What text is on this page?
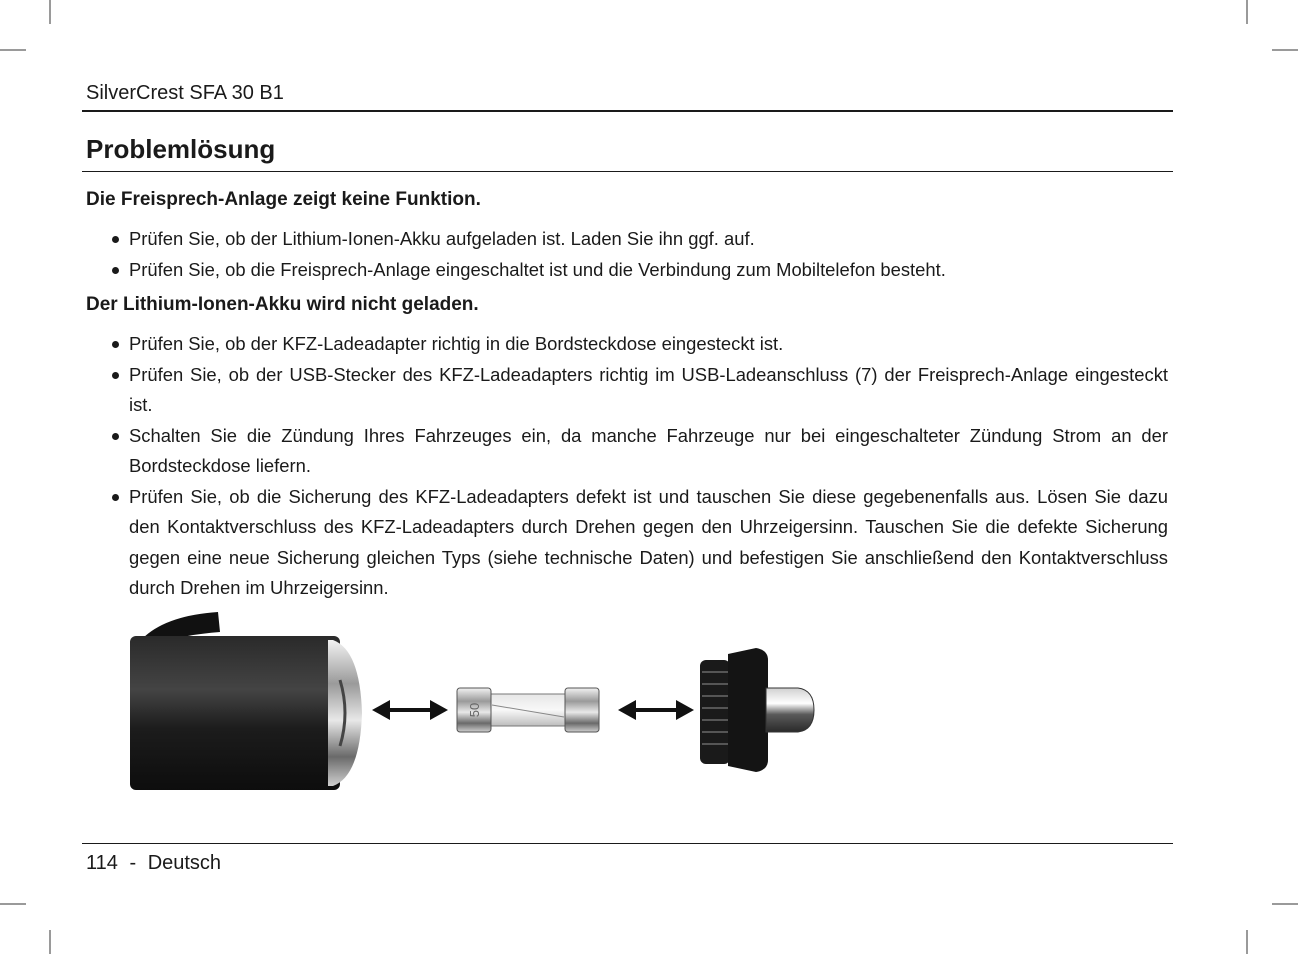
SilverCrest SFA 30 B1
Problemlösung
Die Freisprech-Anlage zeigt keine Funktion.
Prüfen Sie, ob der Lithium-Ionen-Akku aufgeladen ist. Laden Sie ihn ggf. auf.
Prüfen Sie, ob die Freisprech-Anlage eingeschaltet ist und die Verbindung zum Mobiltelefon besteht.
Der Lithium-Ionen-Akku wird nicht geladen.
Prüfen Sie, ob der KFZ-Ladeadapter richtig in die Bordsteckdose eingesteckt ist.
Prüfen Sie, ob der USB-Stecker des KFZ-Ladeadapters richtig im USB-Ladeanschluss (7) der Freisprech-Anlage eingesteckt ist.
Schalten Sie die Zündung Ihres Fahrzeuges ein, da manche Fahrzeuge nur bei eingeschalteter Zündung Strom an der Bordsteckdose liefern.
Prüfen Sie, ob die Sicherung des KFZ-Ladeadapters defekt ist und tauschen Sie diese gegebenenfalls aus. Lösen Sie dazu den Kontaktverschluss des KFZ-Ladeadapters durch Drehen gegen den Uhrzeigersinn. Tauschen Sie die defekte Sicherung gegen eine neue Sicherung gleichen Typs (siehe technische Daten) und befestigen Sie anschließend den Kontaktverschluss durch Drehen im Uhrzeigersinn.
50
114 - Deutsch
